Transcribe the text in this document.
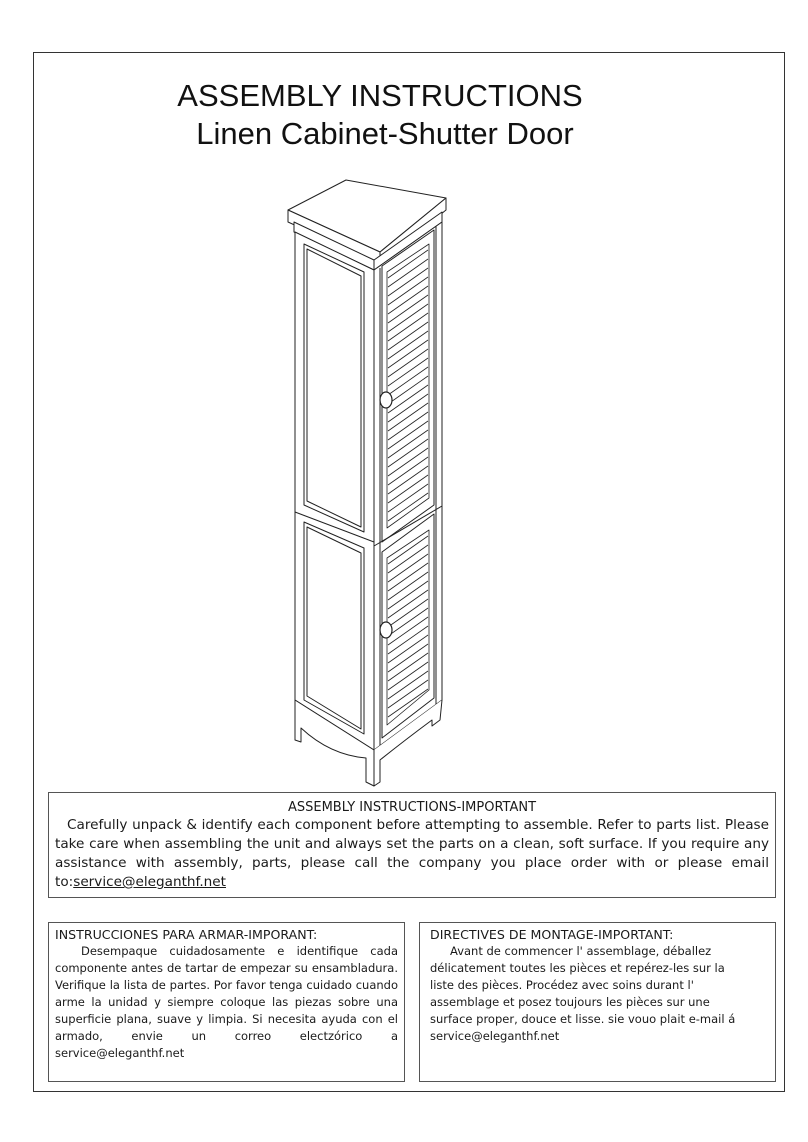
ASSEMBLY INSTRUCTIONS
Linen Cabinet-Shutter Door
ASSEMBLY INSTRUCTIONS-IMPORTANT
Carefully unpack & identify each component before attempting to assemble. Refer to parts list. Please take care when assembling the unit and always set the parts on a clean, soft surface. If you require any assistance with assembly, parts, please call the company you place order with or please email to:service@eleganthf.net
INSTRUCCIONES PARA ARMAR-IMPORANT:
Desempaque cuidadosamente e identifique cada componente antes de tartar de empezar su ensambladura. Verifique la lista de partes. Por favor tenga cuidado cuando arme la unidad y siempre coloque las piezas sobre una superficie plana, suave y limpia. Si necesita ayuda con el armado, envie un correo electzórico a service@eleganthf.net
DIRECTIVES DE MONTAGE-IMPORTANT:
Avant de commencer l' assemblage, déballez délicatement toutes les pièces et repérez-les sur la liste des pièces. Procédez avec soins durant l' assemblage et posez toujours les pièces sur une surface proper, douce et lisse. sie vouo plait e-mail á service@eleganthf.net
